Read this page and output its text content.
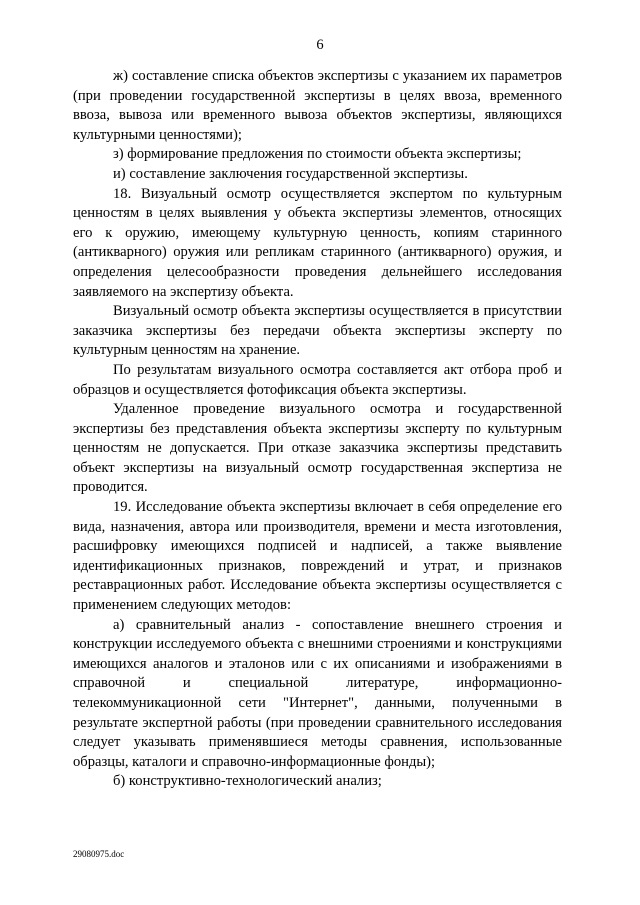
6

ж) составление списка объектов экспертизы с указанием их параметров (при проведении государственной экспертизы в целях ввоза, временного ввоза, вывоза или временного вывоза объектов экспертизы, являющихся культурными ценностями);

з) формирование предложения по стоимости объекта экспертизы;

и) составление заключения государственной экспертизы.

18. Визуальный осмотр осуществляется экспертом по культурным ценностям в целях выявления у объекта экспертизы элементов, относящих его к оружию, имеющему культурную ценность, копиям старинного (антикварного) оружия или репликам старинного (антикварного) оружия, и определения целесообразности проведения дельнейшего исследования заявляемого на экспертизу объекта.

Визуальный осмотр объекта экспертизы осуществляется в присутствии заказчика экспертизы без передачи объекта экспертизы эксперту по культурным ценностям на хранение.

По результатам визуального осмотра составляется акт отбора проб и образцов и осуществляется фотофиксация объекта экспертизы.

Удаленное проведение визуального осмотра и государственной экспертизы без представления объекта экспертизы эксперту по культурным ценностям не допускается. При отказе заказчика экспертизы представить объект экспертизы на визуальный осмотр государственная экспертиза не проводится.

19. Исследование объекта экспертизы включает в себя определение его вида, назначения, автора или производителя, времени и места изготовления, расшифровку имеющихся подписей и надписей, а также выявление идентификационных признаков, повреждений и утрат, и признаков реставрационных работ. Исследование объекта экспертизы осуществляется с применением следующих методов:

а) сравнительный анализ - сопоставление внешнего строения и конструкции исследуемого объекта с внешними строениями и конструкциями имеющихся аналогов и эталонов или с их описаниями и изображениями в справочной и специальной литературе, информационно-телекоммуникационной сети "Интернет", данными, полученными в результате экспертной работы (при проведении сравнительного исследования следует указывать применявшиеся методы сравнения, использованные образцы, каталоги и справочно-информационные фонды);

б) конструктивно-технологический анализ;

29080975.doc
